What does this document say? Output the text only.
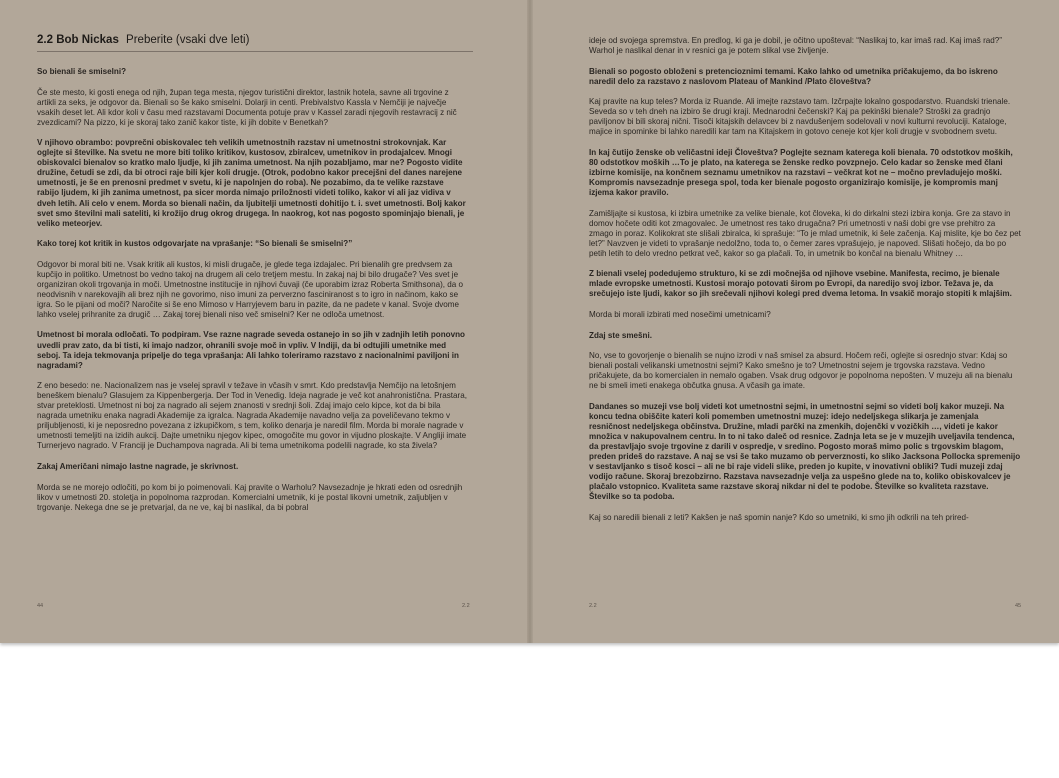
2.2 Bob Nickas Preberite (vsaki dve leti)

So bienali še smiselni?

Če ste mesto, ki gosti enega od njih, župan tega mesta, njegov turistični direktor, lastnik hotela, savne ali trgovine z artikli za seks, je odgovor da. Bienali so še kako smiselni. Dolarji in centi. Prebivalstvo Kassla v Nemčiji je največje vsakih deset let. Ali kdor koli v času med razstavami Documenta potuje prav v Kassel zaradi njegovih restavracij z nič zvezdicami? Na pizzo, ki je skoraj tako zanič kakor tiste, ki jih dobite v Benetkah?

V njihovo obrambo: povprečni obiskovalec teh velikih umetnostnih razstav ni umetnostni strokovnjak. Kar oglejte si številke. Na svetu ne more biti toliko kritikov, kustosov, zbiralcev, umetnikov in prodajalcev. Mnogi obiskovalci bienalov so kratko malo ljudje, ki jih zanima umetnost. Na njih pozabljamo, mar ne? Pogosto vidite družine, četudi se zdi, da bi otroci raje bili kjer koli drugje. (Otrok, podobno kakor precejšni del danes narejene umetnosti, je še en prenosni predmet v svetu, ki je napolnjen do roba). Ne pozabimo, da te velike razstave rabijo ljudem, ki jih zanima umetnost, pa sicer morda nimajo priložnosti videti toliko, kakor vi ali jaz vidiva v dveh letih. Ali celo v enem. Morda so bienali način, da ljubitelji umetnosti dohitijo t. i. svet umetnosti. Bolj kakor svet smo številni mali sateliti, ki krožijo drug okrog drugega. In naokrog, kot nas pogosto spominjajo bienali, je veliko meteorjev.

Kako torej kot kritik in kustos odgovarjate na vprašanje: “So bienali še smiselni?”

Odgovor bi moral biti ne. Vsak kritik ali kustos, ki misli drugače, je glede tega izdajalec. Pri bienalih gre predvsem za kupčijo in politiko. Umetnost bo vedno takoj na drugem ali celo tretjem mestu. In zakaj naj bi bilo drugače? Ves svet je organiziran okoli trgovanja in moči. Umetnostne institucije in njihovi čuvaji (če uporabim izraz Roberta Smithsona), da o neodvisnih v narekovajih ali brez njih ne govorimo, niso imuni za perverzno fasciniranost s to igro in načinom, kako se igra. So le pijani od moči? Naročite si še eno Mimoso v Harryjevem baru in pazite, da ne padete v kanal. Svoje dvome lahko vselej prihranite za drugič … Zakaj torej bienali niso več smiselni? Ker ne odloča umetnost.

Umetnost bi morala odločati. To podpiram. Vse razne nagrade seveda ostanejo in so jih v zadnjih letih ponovno uvedli prav zato, da bi tisti, ki imajo nadzor, ohranili svoje moč in vpliv. V Indiji, da bi odtujili umetnike med seboj. Ta ideja tekmovanja pripelje do tega vprašanja: Ali lahko toleriramo razstavo z nacionalnimi paviljoni in nagradami?

Z eno besedo: ne. Nacionalizem nas je vselej spravil v težave in včasih v smrt. Kdo predstavlja Nemčijo na letošnjem beneškem bienalu? Glasujem za Kippenbergerja. Der Tod in Venedig. Ideja nagrade je več kot anahronistična. Prastara, stvar preteklosti. Umetnost ni boj za nagrado ali sejem znanosti v srednji šoli. Zdaj imajo celo kipce, kot da bi bila nagrada umetniku enaka nagradi Akademije za igralca. Nagrada Akademije navadno velja za poveličevano tekmo v priljubljenosti, ki je neposredno povezana z izkupičkom, s tem, koliko denarja je naredil film. Morda bi morale nagrade v umetnosti temeljiti na izidih aukcij. Dajte umetniku njegov kipec, omogočite mu govor in vijudno ploskajte. V Angliji imate Turnerjevo nagrado. V Franciji je Duchampova nagrada. Ali bi tema umetnikoma podelili nagrade, ko sta živela?

Zakaj Američani nimajo lastne nagrade, je skrivnost.

Morda se ne morejo odločiti, po kom bi jo poimenovali. Kaj pravite o Warholu? Navsezadnje je hkrati eden od osrednjih likov v umetnosti 20. stoletja in popolnoma razprodan. Komercialni umetnik, ki je postal likovni umetnik, zaljubljen v trgovanje. Nekega dne se je pretvarjal, da ne ve, kaj bi naslikal, da bi pobral

44	2.2

ideje od svojega spremstva. En predlog, ki ga je dobil, je očitno upošteval: “Naslikaj to, kar imaš rad. Kaj imaš rad?” Warhol je naslikal denar in v resnici ga je potem slikal vse življenje.

Bienali so pogosto obloženi s pretencioznimi temami. Kako lahko od umetnika pričakujemo, da bo iskreno naredil delo za razstavo z naslovom Plateau of Mankind /Plato človeštva?

Kaj pravite na kup teles? Morda iz Ruande. Ali imejte razstavo tam. Izčrpajte lokalno gospodarstvo. Ruandski trienale. Seveda so v teh dneh na izbiro še drugi kraji. Mednarodni čečenski? Kaj pa pekinški bienale? Stroški za gradnjo paviljonov bi bili skoraj nični. Tisoči kitajskih delavcev bi z navdušenjem sodelovali v novi kulturni revoluciji. Kataloge, majice in spominke bi lahko naredili kar tam na Kitajskem in gotovo ceneje kot kjer koli drugje v svobodnem svetu.

In kaj čutijo ženske ob veličastni ideji Človeštva? Poglejte seznam katerega koli bienala. 70 odstotkov moških, 80 odstotkov moških …To je plato, na katerega se ženske redko povzpnejo. Celo kadar so ženske med člani izbirne komisije, na končnem seznamu umetnikov na razstavi – večkrat kot ne – močno prevladujejo moški. Kompromis navsezadnje presega spol, toda ker bienale pogosto organizirajo komisije, je kompromis manj izjema kakor pravilo.

Zamišljajte si kustosa, ki izbira umetnike za velike bienale, kot človeka, ki do dirkalni stezi izbira konja. Gre za stavo in domov hočete oditi kot zmagovalec. Je umetnost res tako drugačna? Pri umetnosti v naši dobi gre vse prehitro za zmago in poraz. Kolikokrat ste slišali zbiralca, ki sprašuje: “To je mlad umetnik, ki šele začenja. Kaj mislite, kje bo čez pet let?” Navzven je videti to vprašanje nedolžno, toda to, o čemer zares vprašujejo, je napoved. Slišati hočejo, da bo po petih letih to delo vredno petkrat več, kakor so ga plačali. To, in umetnik bo končal na bienalu Whitney …

Z bienali vselej podedujemo strukturo, ki se zdi močnejša od njihove vsebine. Manifesta, recimo, je bienale mlade evropske umetnosti. Kustosi morajo potovati širom po Evropi, da naredijo svoj izbor. Težava je, da srečujejo iste ljudi, kakor so jih srečevali njihovi kolegi pred dvema letoma. In vsakič morajo stopiti k mlajšim.

Morda bi morali izbirati med nosečimi umetnicami?

Zdaj ste smešni.

No, vse to govorjenje o bienalih se nujno izrodi v naš smisel za absurd. Hočem reči, oglejte si osrednjo stvar: Kdaj so bienali postali velikanski umetnostni sejmi? Kako smešno je to? Umetnostni sejem je trgovska razstava. Vedno pričakujete, da bo komercialen in nemalo ogaben. Vsak drug odgovor je popolnoma nepošten. V muzeju ali na bienalu ne bi smeli imeti enakega občutka gnusa. A včasih ga imate.

Dandanes so muzeji vse bolj videti kot umetnostni sejmi, in umetnostni sejmi so videti bolj kakor muzeji. Na koncu tedna obiščite kateri koli pomemben umetnostni muzej: idejo nedeljskega slikarja je zamenjala resničnost nedeljskega občinstva. Družine, mladi parčki na zmenkih, dojenčki v vozičkih …, videti je kakor množica v nakupovalnem centru. In to ni tako daleč od resnice. Zadnja leta se je v muzejih uveljavila tendenca, da prestavljajo svoje trgovine z darili v ospredje, v sredino. Pogosto moraš mimo polic s trgovskim blagom, preden prideš do razstave. A naj se vsi še tako muzamo ob perverznosti, ko sliko Jacksona Pollocka spremenijo v sestavljanko s tisoč kosci – ali ne bi raje videli slike, preden jo kupite, v inovativni obliki? Tudi muzeji zdaj vodijo račune. Skoraj brezobzirno. Razstava navsezadnje velja za uspešno glede na to, koliko obiskovalcev je plačalo vstopnico. Kvaliteta same razstave skoraj nikdar ni del te podobe. Številke so kvaliteta razstave. Številke so ta podoba.

Kaj so naredili bienali z leti? Kakšen je naš spomin nanje? Kdo so umetniki, ki smo jih odkrili na teh prired-

2.2	45
